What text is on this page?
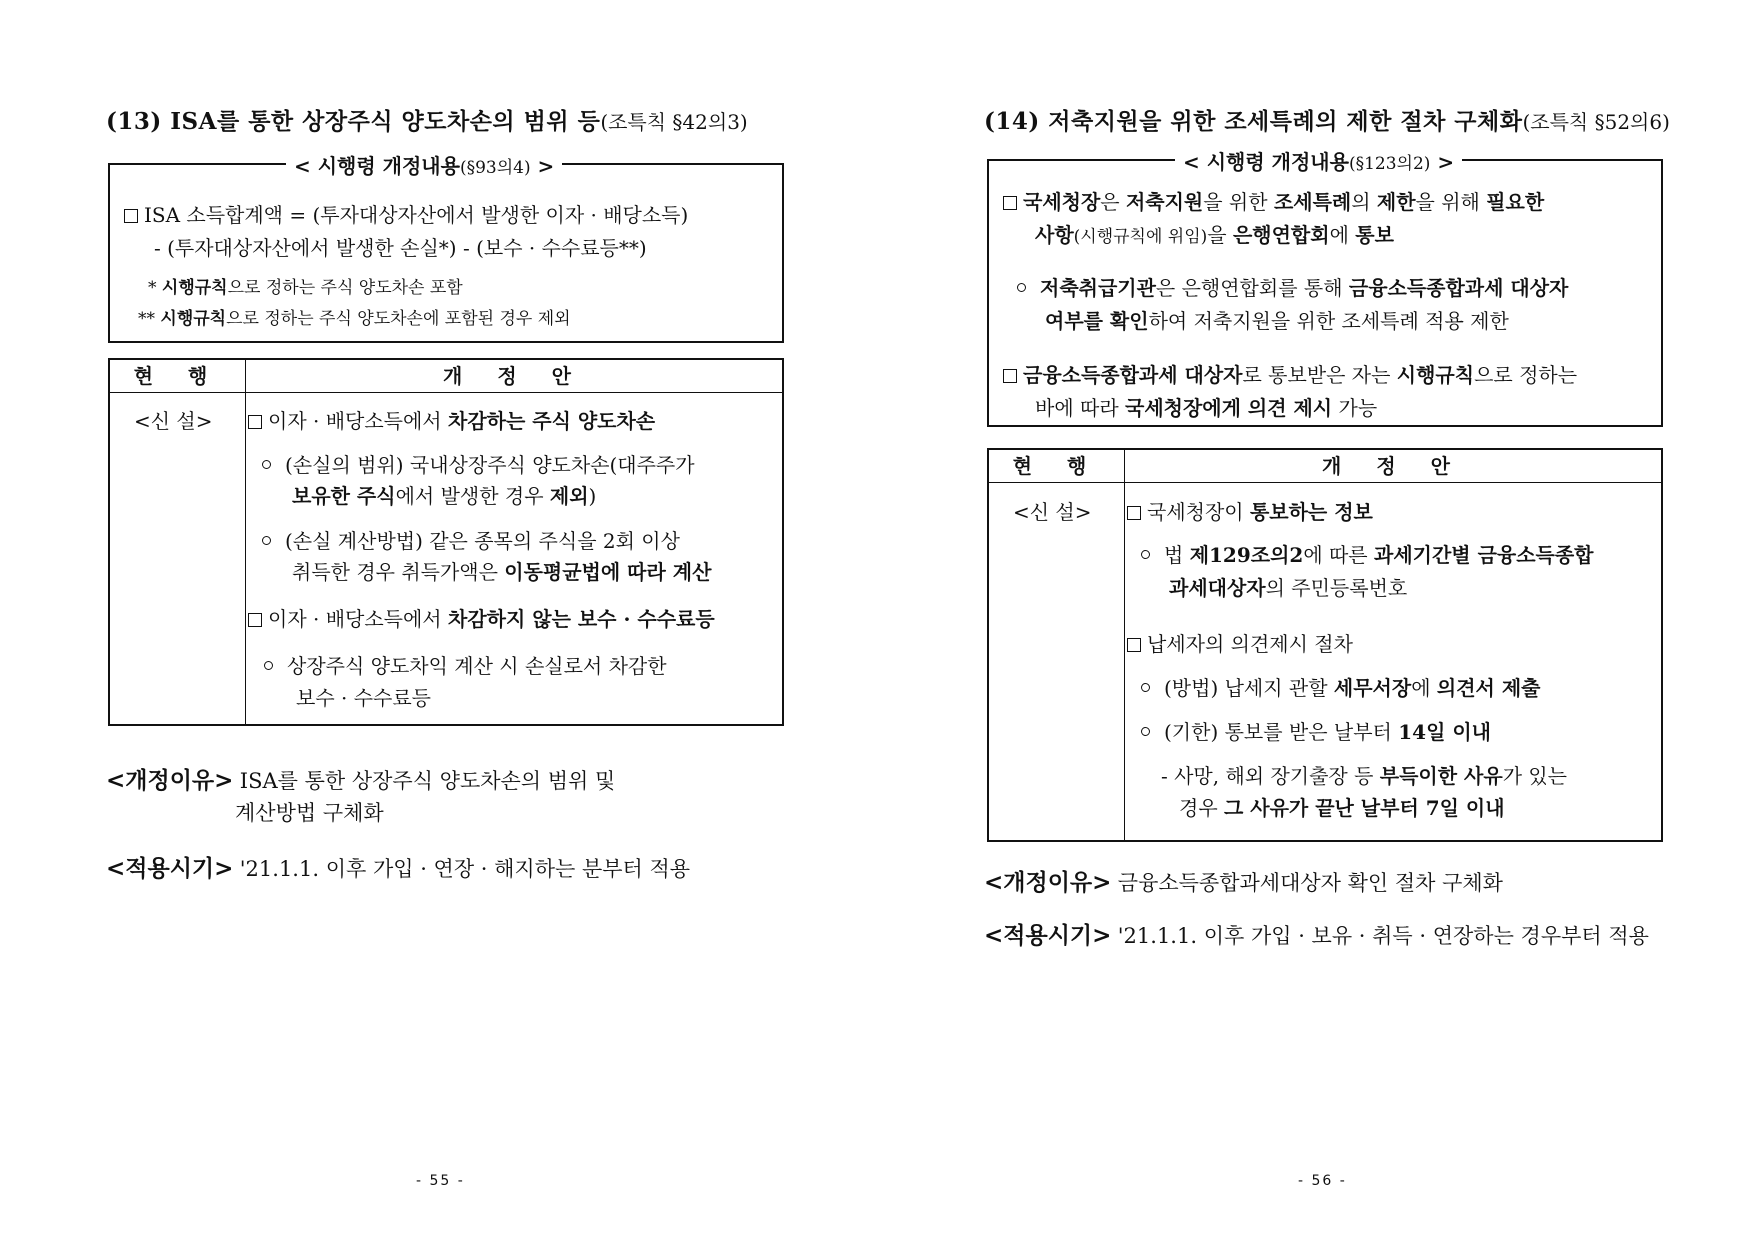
(13) ISA를 통한 상장주식 양도차손의 범위 등(조특칙 §42의3)
< 시행령 개정내용(§93의4) >
ISA 소득합계액 = (투자대상자산에서 발생한 이자 · 배당소득)
- (투자대상자산에서 발생한 손실*) - (보수 · 수수료등**)
* 시행규칙으로 정하는 주식 양도차손 포함
** 시행규칙으로 정하는 주식 양도차손에 포함된 경우 제외
현 행	개 정 안
<신 설>	이자 · 배당소득에서 차감하는 주식 양도차손
(손실의 범위) 국내상장주식 양도차손(대주주가
보유한 주식에서 발생한 경우 제외)
(손실 계산방법) 같은 종목의 주식을 2회 이상
취득한 경우 취득가액은 이동평균법에 따라 계산
이자 · 배당소득에서 차감하지 않는 보수 · 수수료등
상장주식 양도차익 계산 시 손실로서 차감한
보수 · 수수료등
<개정이유> ISA를 통한 상장주식 양도차손의 범위 및
계산방법 구체화
<적용시기> '21.1.1. 이후 가입 · 연장 · 해지하는 분부터 적용
- 55 -
(14) 저축지원을 위한 조세특례의 제한 절차 구체화(조특칙 §52의6)
< 시행령 개정내용(§123의2) >
국세청장은 저축지원을 위한 조세특례의 제한을 위해 필요한
사항(시행규칙에 위임)을 은행연합회에 통보
저축취급기관은 은행연합회를 통해 금융소득종합과세 대상자
여부를 확인하여 저축지원을 위한 조세특례 적용 제한
금융소득종합과세 대상자로 통보받은 자는 시행규칙으로 정하는
바에 따라 국세청장에게 의견 제시 가능
현 행	개 정 안
<신 설>	국세청장이 통보하는 정보
법 제129조의2에 따른 과세기간별 금융소득종합
과세대상자의 주민등록번호
납세자의 의견제시 절차
(방법) 납세지 관할 세무서장에 의견서 제출
(기한) 통보를 받은 날부터 14일 이내
- 사망, 해외 장기출장 등 부득이한 사유가 있는
경우 그 사유가 끝난 날부터 7일 이내
<개정이유> 금융소득종합과세대상자 확인 절차 구체화
<적용시기> '21.1.1. 이후 가입 · 보유 · 취득 · 연장하는 경우부터 적용
- 56 -
